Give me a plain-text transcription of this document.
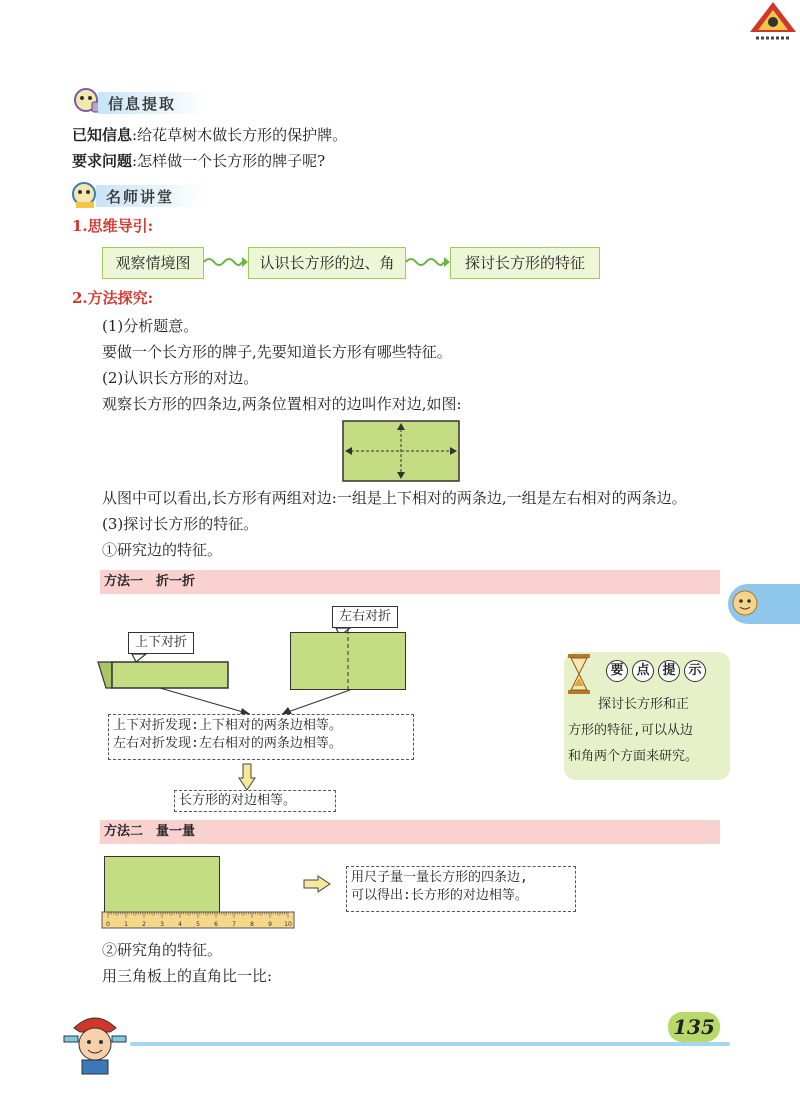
信息提取
已知信息:给花草树木做长方形的保护牌。
要求问题:怎样做一个长方形的牌子呢?
名师讲堂
1.思维导引:
观察情境图	认识长方形的边、角	探讨长方形的特征
2.方法探究:
(1)分析题意。
要做一个长方形的牌子,先要知道长方形有哪些特征。
(2)认识长方形的对边。
观察长方形的四条边,两条位置相对的边叫作对边,如图:
从图中可以看出,长方形有两组对边:一组是上下相对的两条边,一组是左右相对的两条边。
(3)探讨长方形的特征。
①研究边的特征。
方法一　折一折
上下对折
左右对折
上下对折发现:上下相对的两条边相等。
左右对折发现:左右相对的两条边相等。
长方形的对边相等。
要 点 提 示
探讨长方形和正
方形的特征,可以从边
和角两个方面来研究。
方法二　量一量
0 1 2 3 4 5 6 7 8 9 10
用尺子量一量长方形的四条边,
可以得出:长方形的对边相等。
②研究角的特征。
用三角板上的直角比一比:
135
